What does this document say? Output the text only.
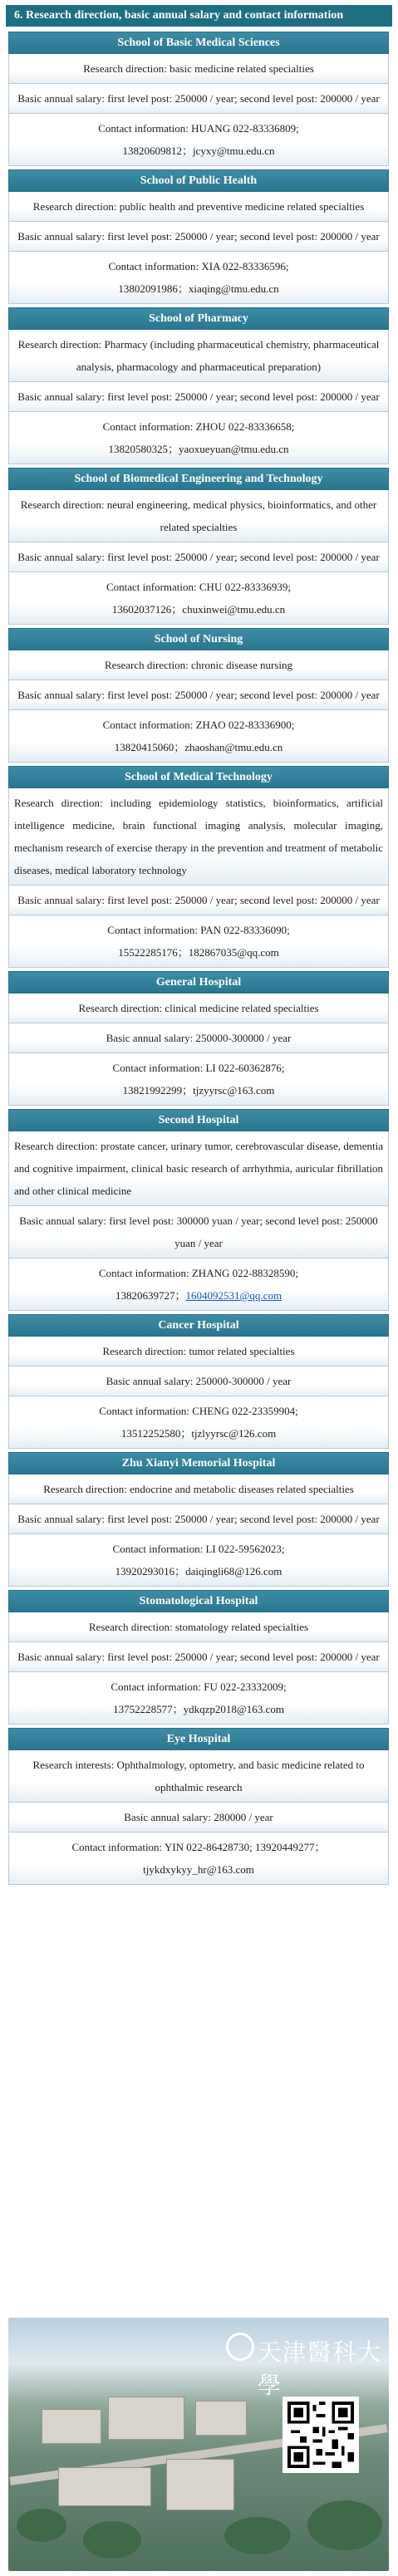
6. Research direction, basic annual salary and contact information
School of Basic Medical Sciences
Research direction: basic medicine related specialties
Basic annual salary: first level post: 250000 / year; second level post: 200000 / year
Contact information: HUANG 022-83336809;
13820609812；jcyxy@tmu.edu.cn
School of Public Health
Research direction: public health and preventive medicine related specialties
Basic annual salary: first level post: 250000 / year; second level post: 200000 / year
Contact information: XIA 022-83336596;
13802091986；xiaqing@tmu.edu.cn
School of Pharmacy
Research direction: Pharmacy (including pharmaceutical chemistry, pharmaceutical analysis, pharmacology and pharmaceutical preparation)
Basic annual salary: first level post: 250000 / year; second level post: 200000 / year
Contact information: ZHOU 022-83336658;
13820580325；yaoxueyuan@tmu.edu.cn
School of Biomedical Engineering and Technology
Research direction: neural engineering, medical physics, bioinformatics, and other related specialties
Basic annual salary: first level post: 250000 / year; second level post: 200000 / year
Contact information: CHU 022-83336939;
13602037126；chuxinwei@tmu.edu.cn
School of Nursing
Research direction: chronic disease nursing
Basic annual salary: first level post: 250000 / year; second level post: 200000 / year
Contact information: ZHAO 022-83336900;
13820415060；zhaoshan@tmu.edu.cn
School of Medical Technology
Research direction: including epidemiology statistics, bioinformatics, artificial intelligence medicine, brain functional imaging analysis, molecular imaging, mechanism research of exercise therapy in the prevention and treatment of metabolic diseases, medical laboratory technology
Basic annual salary: first level post: 250000 / year; second level post: 200000 / year
Contact information: PAN 022-83336090;
15522285176；182867035@qq.com
General Hospital
Research direction: clinical medicine related specialties
Basic annual salary: 250000-300000 / year
Contact information: LI 022-60362876;
13821992299；tjzyyrsc@163.com
Second Hospital
Research direction: prostate cancer, urinary tumor, cerebrovascular disease, dementia and cognitive impairment, clinical basic research of arrhythmia, auricular fibrillation and other clinical medicine
Basic annual salary: first level post: 300000 yuan / year; second level post: 250000 yuan / year
Contact information: ZHANG 022-88328590;
13820639727；1604092531@qq.com
Cancer Hospital
Research direction: tumor related specialties
Basic annual salary: 250000-300000 / year
Contact information: CHENG 022-23359904;
13512252580；tjzlyyrsc@126.com
Zhu Xianyi Memorial Hospital
Research direction: endocrine and metabolic diseases related specialties
Basic annual salary: first level post: 250000 / year; second level post: 200000 / year
Contact information: LI 022-59562023;
13920293016；daiqingli68@126.com
Stomatological Hospital
Research direction: stomatology related specialties
Basic annual salary: first level post: 250000 / year; second level post: 200000 / year
Contact information: FU 022-23332009;
13752228577；ydkqzp2018@163.com
Eye Hospital
Research interests: Ophthalmology, optometry, and basic medicine related to ophthalmic research
Basic annual salary: 280000 / year
Contact information: YIN 022-86428730; 13920449277；
tjykdxykyy_hr@163.com
天津醫科大學
